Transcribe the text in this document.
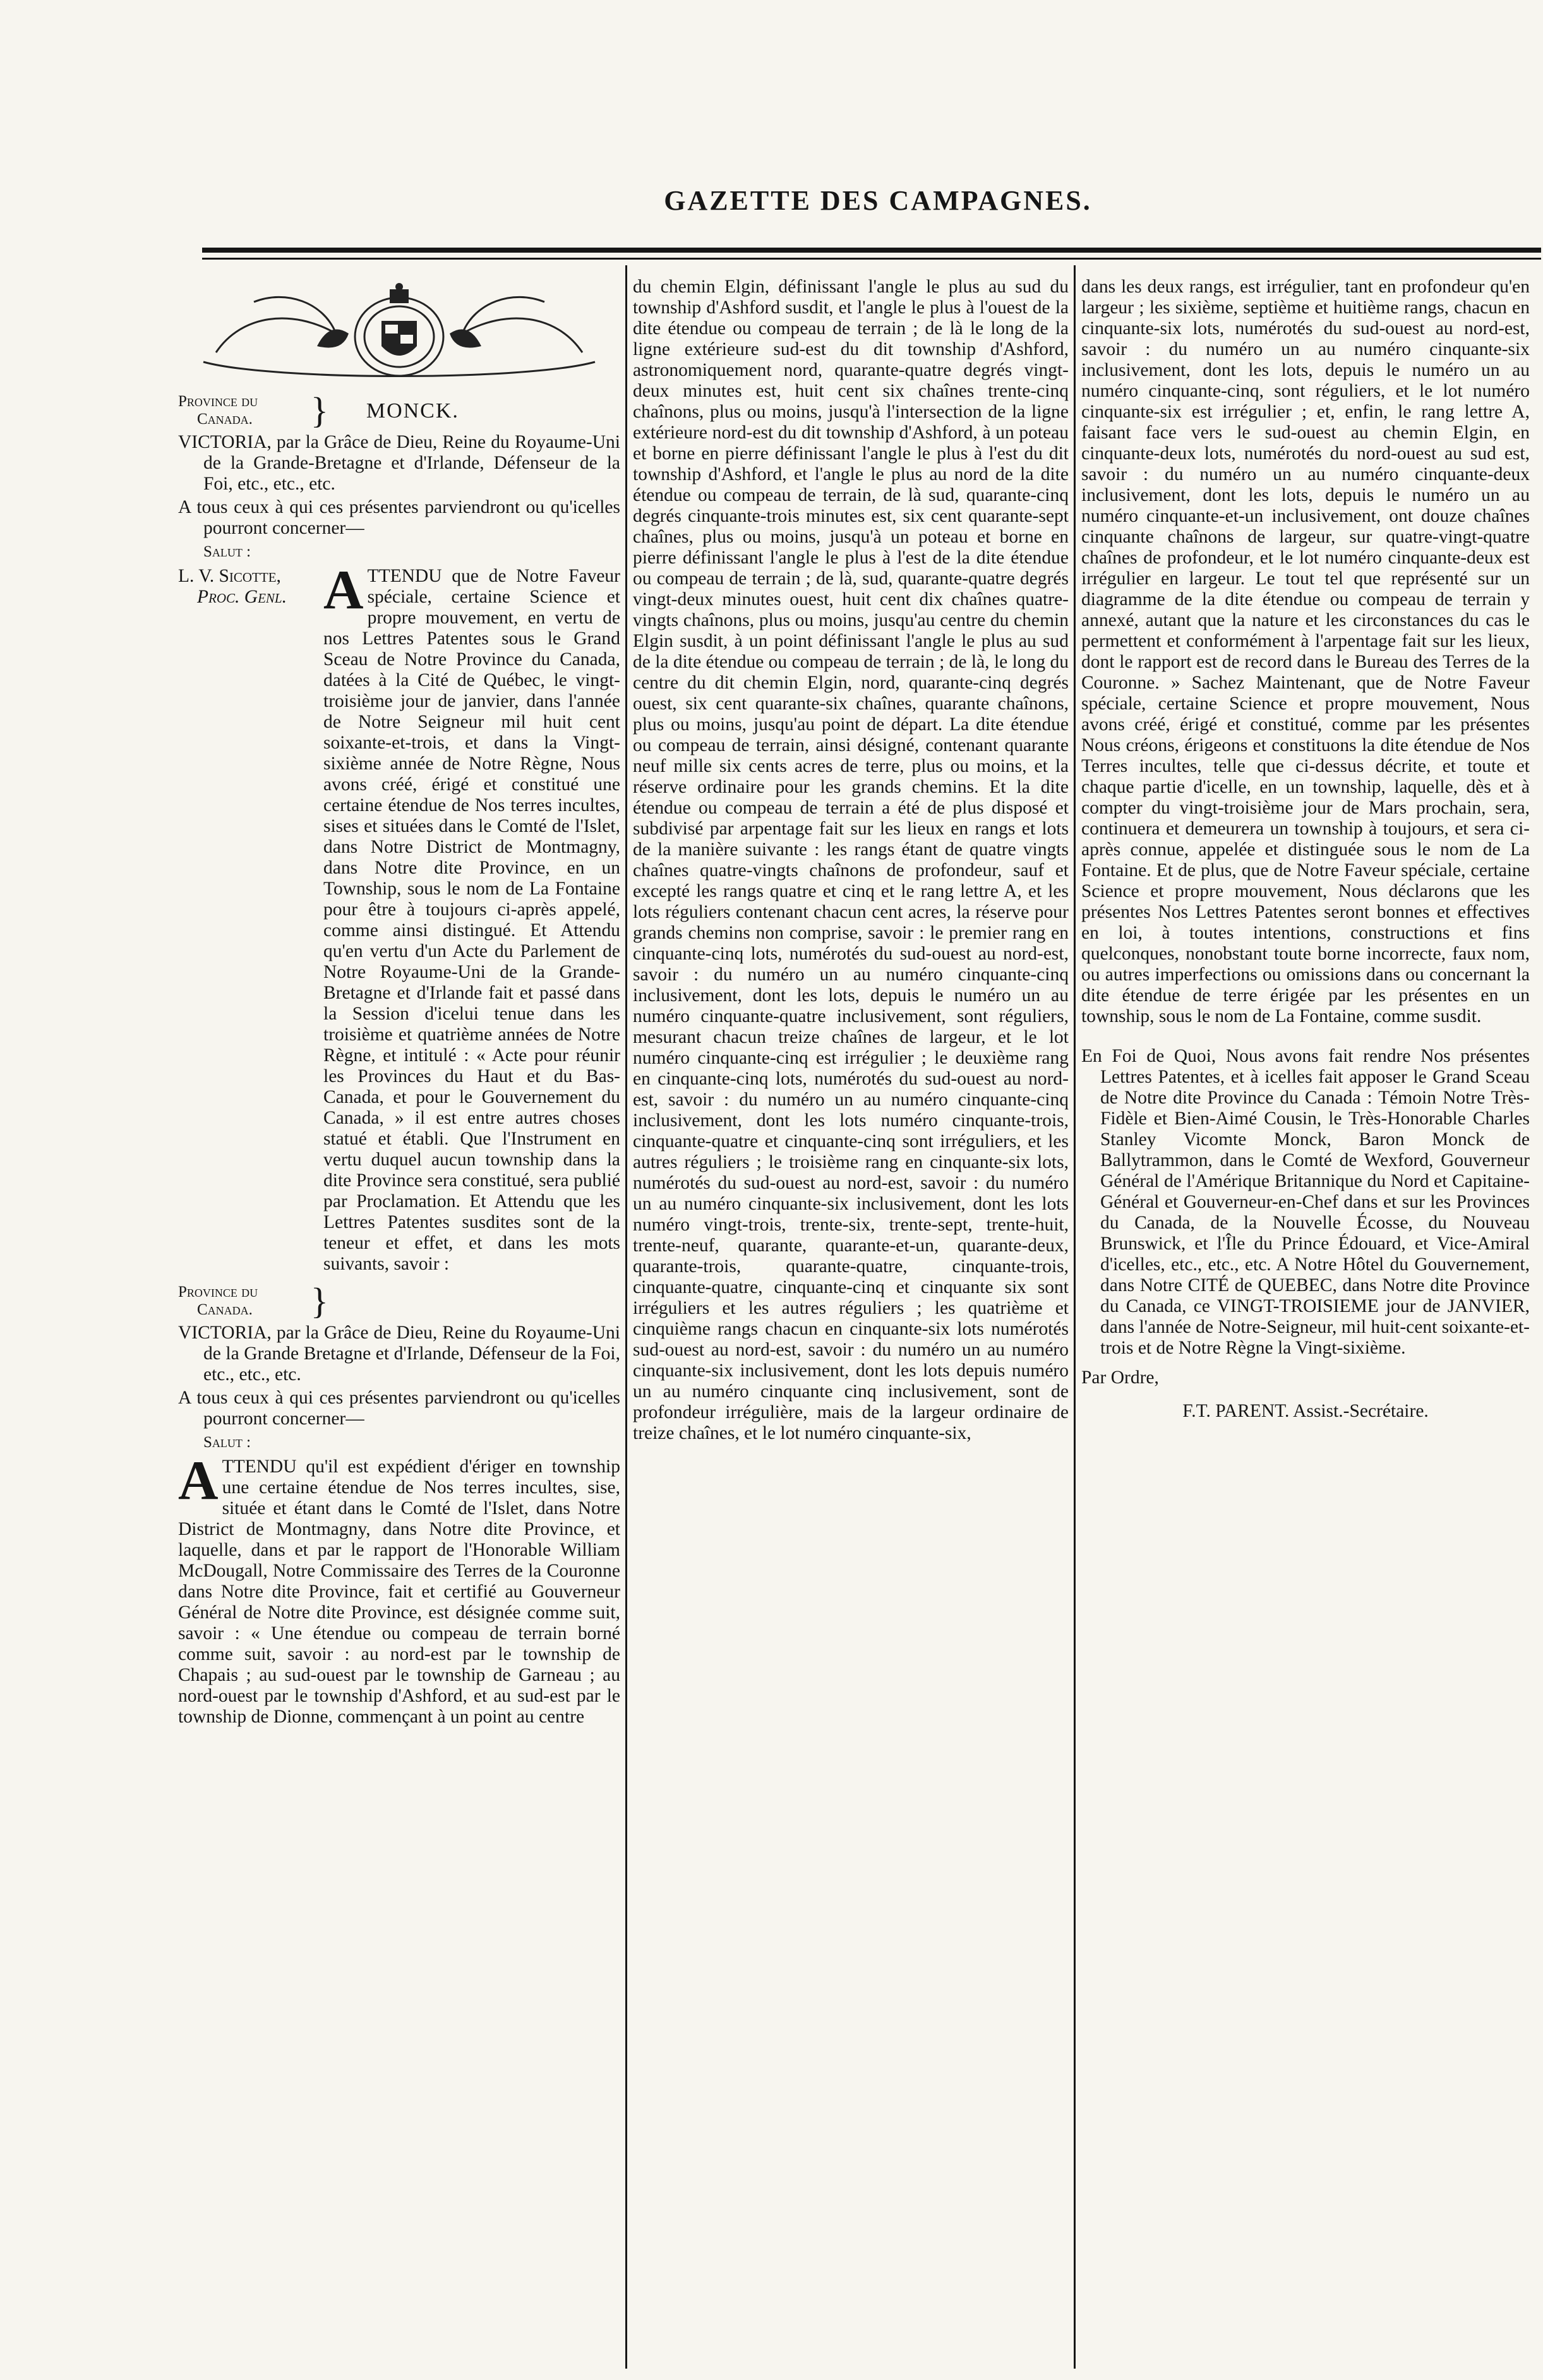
GAZETTE DES CAMPAGNES.
Province du
Canada.	} MONCK.

VICTORIA, par la Grâce de Dieu, Reine du Royaume-Uni de la Grande-Bretagne et d'Irlande, Défenseur de la Foi, etc., etc., etc.

A tous ceux à qui ces présentes parviendront ou qu'icelles pourront concerner—

Salut :
L. V. Sicotte,
Proc. Genl. ATTENDU que de Notre Faveur spéciale, certaine Science et propre mouvement, en vertu de nos Lettres Patentes sous le Grand Sceau de Notre Province du Canada, datées à la Cité de Québec, le vingt-troisième jour de janvier, dans l'année de Notre Seigneur mil huit cent soixante-et-trois, et dans la Vingt-sixième année de Notre Règne, Nous avons créé, érigé et constitué une certaine étendue de Nos terres incultes, sises et situées dans le Comté de l'Islet, dans Notre District de Montmagny, dans Notre dite Province, en un Township, sous le nom de La Fontaine pour être à toujours ci-après appelé, comme ainsi distingué. Et Attendu qu'en vertu d'un Acte du Parlement de Notre Royaume-Uni de la Grande-Bretagne et d'Irlande fait et passé dans la Session d'icelui tenue dans les troisième et quatrième années de Notre Règne, et intitulé : « Acte pour réunir les Provinces du Haut et du Bas-Canada, et pour le Gouvernement du Canada, » il est entre autres choses statué et établi. Que l'Instrument en vertu duquel aucun township dans la dite Province sera constitué, sera publié par Proclamation. Et Attendu que les Lettres Patentes susdites sont de la teneur et effet, et dans les mots suivants, savoir :
Province du
Canada.	}

VICTORIA, par la Grâce de Dieu, Reine du Royaume-Uni de la Grande Bretagne et d'Irlande, Défenseur de la Foi, etc., etc., etc.

A tous ceux à qui ces présentes parviendront ou qu'icelles pourront concerner—

Salut :

ATTENDU qu'il est expédient d'ériger en township une certaine étendue de Nos terres incultes, sise, située et étant dans le Comté de l'Islet, dans Notre District de Montmagny, dans Notre dite Province, et laquelle, dans et par le rapport de l'Honorable William McDougall, Notre Commissaire des Terres de la Couronne dans Notre dite Province, fait et certifié au Gouverneur Général de Notre dite Province, est désignée comme suit, savoir : « Une étendue ou compeau de terrain borné comme suit, savoir : au nord-est par le township de Chapais ; au sud-ouest par le township de Garneau ; au nord-ouest par le township d'Ashford, et au sud-est par le township de Dionne, commençant à un point au centre

du chemin Elgin, définissant l'angle le plus au sud du township d'Ashford susdit, et l'angle le plus à l'ouest de la dite étendue ou compeau de terrain ; de là le long de la ligne extérieure sud-est du dit township d'Ashford, astronomiquement nord, quarante-quatre degrés vingt-deux minutes est, huit cent six chaînes trente-cinq chaînons, plus ou moins, jusqu'à l'intersection de la ligne extérieure nord-est du dit township d'Ashford, à un poteau et borne en pierre définissant l'angle le plus à l'est du dit township d'Ashford, et l'angle le plus au nord de la dite étendue ou compeau de terrain, de là sud, quarante-cinq degrés cinquante-trois minutes est, six cent quarante-sept chaînes, plus ou moins, jusqu'à un poteau et borne en pierre définissant l'angle le plus à l'est de la dite étendue ou compeau de terrain ; de là, sud, quarante-quatre degrés vingt-deux minutes ouest, huit cent dix chaînes quatre-vingts chaînons, plus ou moins, jusqu'au centre du chemin Elgin susdit, à un point définissant l'angle le plus au sud de la dite étendue ou compeau de terrain ; de là, le long du centre du dit chemin Elgin, nord, quarante-cinq degrés ouest, six cent quarante-six chaînes, quarante chaînons, plus ou moins, jusqu'au point de départ. La dite étendue ou compeau de terrain, ainsi désigné, contenant quarante neuf mille six cents acres de terre, plus ou moins, et la réserve ordinaire pour les grands chemins. Et la dite étendue ou compeau de terrain a été de plus disposé et subdivisé par arpentage fait sur les lieux en rangs et lots de la manière suivante : les rangs étant de quatre vingts chaînes quatre-vingts chaînons de profondeur, sauf et excepté les rangs quatre et cinq et le rang lettre A, et les lots réguliers contenant chacun cent acres, la réserve pour grands chemins non comprise, savoir : le premier rang en cinquante-cinq lots, numérotés du sud-ouest au nord-est, savoir : du numéro un au numéro cinquante-cinq inclusivement, dont les lots, depuis le numéro un au numéro cinquante-quatre inclusivement, sont réguliers, mesurant chacun treize chaînes de largeur, et le lot numéro cinquante-cinq est irrégulier ; le deuxième rang en cinquante-cinq lots, numérotés du sud-ouest au nord-est, savoir : du numéro un au numéro cinquante-cinq inclusivement, dont les lots numéro cinquante-trois, cinquante-quatre et cinquante-cinq sont irréguliers, et les autres réguliers ; le troisième rang en cinquante-six lots, numérotés du sud-ouest au nord-est, savoir : du numéro un au numéro cinquante-six inclusivement, dont les lots numéro vingt-trois, trente-six, trente-sept, trente-huit, trente-neuf, quarante, quarante-et-un, quarante-deux, quarante-trois, quarante-quatre, cinquante-trois, cinquante-quatre, cinquante-cinq et cinquante six sont irréguliers et les autres réguliers ; les quatrième et cinquième rangs chacun en cinquante-six lots numérotés sud-ouest au nord-est, savoir : du numéro un au numéro cinquante-six inclusivement, dont les lots depuis numéro un au numéro cinquante cinq inclusivement, sont de profondeur irrégulière, mais de la largeur ordinaire de treize chaînes, et le lot numéro cinquante-six,

dans les deux rangs, est irrégulier, tant en profondeur qu'en largeur ; les sixième, septième et huitième rangs, chacun en cinquante-six lots, numérotés du sud-ouest au nord-est, savoir : du numéro un au numéro cinquante-six inclusivement, dont les lots, depuis le numéro un au numéro cinquante-cinq, sont réguliers, et le lot numéro cinquante-six est irrégulier ; et, enfin, le rang lettre A, faisant face vers le sud-ouest au chemin Elgin, en cinquante-deux lots, numérotés du nord-ouest au sud est, savoir : du numéro un au numéro cinquante-deux inclusivement, dont les lots, depuis le numéro un au numéro cinquante-et-un inclusivement, ont douze chaînes cinquante chaînons de largeur, sur quatre-vingt-quatre chaînes de profondeur, et le lot numéro cinquante-deux est irrégulier en largeur. Le tout tel que représenté sur un diagramme de la dite étendue ou compeau de terrain y annexé, autant que la nature et les circonstances du cas le permettent et conformément à l'arpentage fait sur les lieux, dont le rapport est de record dans le Bureau des Terres de la Couronne. » Sachez Maintenant, que de Notre Faveur spéciale, certaine Science et propre mouvement, Nous avons créé, érigé et constitué, comme par les présentes Nous créons, érigeons et constituons la dite étendue de Nos Terres incultes, telle que ci-dessus décrite, et toute et chaque partie d'icelle, en un township, laquelle, dès et à compter du vingt-troisième jour de Mars prochain, sera, continuera et demeurera un township à toujours, et sera ci-après connue, appelée et distinguée sous le nom de La Fontaine. Et de plus, que de Notre Faveur spéciale, certaine Science et propre mouvement, Nous déclarons que les présentes Nos Lettres Patentes seront bonnes et effectives en loi, à toutes intentions, constructions et fins quelconques, nonobstant toute borne incorrecte, faux nom, ou autres imperfections ou omissions dans ou concernant la dite étendue de terre érigée par les présentes en un township, sous le nom de La Fontaine, comme susdit.

En Foi de Quoi, Nous avons fait rendre Nos présentes Lettres Patentes, et à icelles fait apposer le Grand Sceau de Notre dite Province du Canada : Témoin Notre Très-Fidèle et Bien-Aimé Cousin, le Très-Honorable Charles Stanley Vicomte Monck, Baron Monck de Ballytrammon, dans le Comté de Wexford, Gouverneur Général de l'Amérique Britannique du Nord et Capitaine-Général et Gouverneur-en-Chef dans et sur les Provinces du Canada, de la Nouvelle Écosse, du Nouveau Brunswick, et l'Île du Prince Édouard, et Vice-Amiral d'icelles, etc., etc., etc. A Notre Hôtel du Gouvernement, dans Notre CITÉ de QUEBEC, dans Notre dite Province du Canada, ce VINGT-TROISIEME jour de JANVIER, dans l'année de Notre-Seigneur, mil huit-cent soixante-et-trois et de Notre Règne la Vingt-sixième.

Par Ordre,

F.T. PARENT. Assist.-Secrétaire.
